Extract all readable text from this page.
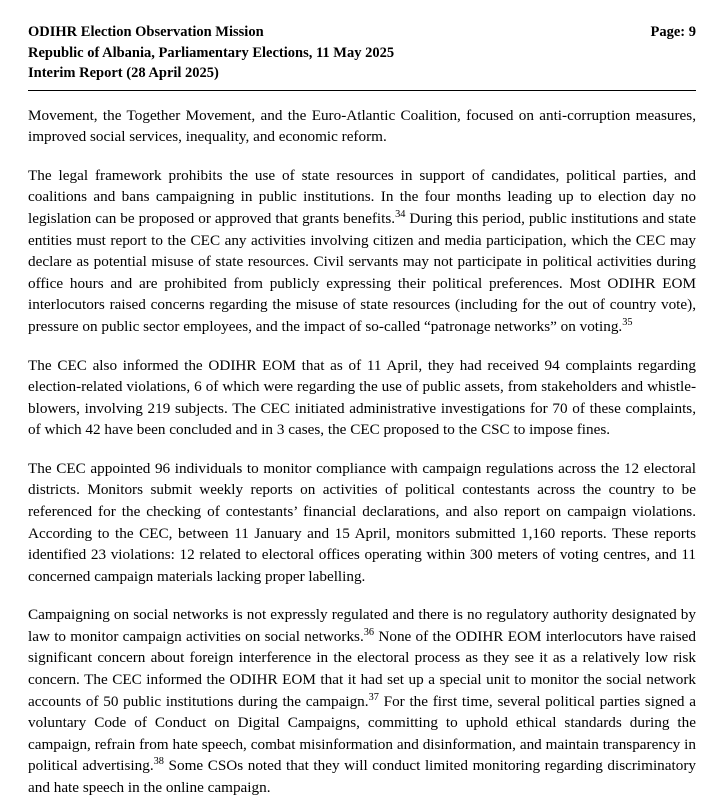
ODIHR Election Observation Mission
Republic of Albania, Parliamentary Elections, 11 May 2025
Interim Report (28 April 2025)
Page: 9

Movement, the Together Movement, and the Euro-Atlantic Coalition, focused on anti-corruption measures, improved social services, inequality, and economic reform.

The legal framework prohibits the use of state resources in support of candidates, political parties, and coalitions and bans campaigning in public institutions. In the four months leading up to election day no legislation can be proposed or approved that grants benefits.$^{34}$ During this period, public institutions and state entities must report to the CEC any activities involving citizen and media participation, which the CEC may declare as potential misuse of state resources. Civil servants may not participate in political activities during office hours and are prohibited from publicly expressing their political preferences. Most ODIHR EOM interlocutors raised concerns regarding the misuse of state resources (including for the out of country vote), pressure on public sector employees, and the impact of so-called “patronage networks” on voting.$^{35}$

The CEC also informed the ODIHR EOM that as of 11 April, they had received 94 complaints regarding election-related violations, 6 of which were regarding the use of public assets, from stakeholders and whistle-blowers, involving 219 subjects. The CEC initiated administrative investigations for 70 of these complaints, of which 42 have been concluded and in 3 cases, the CEC proposed to the CSC to impose fines.

The CEC appointed 96 individuals to monitor compliance with campaign regulations across the 12 electoral districts. Monitors submit weekly reports on activities of political contestants across the country to be referenced for the checking of contestants’ financial declarations, and also report on campaign violations. According to the CEC, between 11 January and 15 April, monitors submitted 1,160 reports. These reports identified 23 violations: 12 related to electoral offices operating within 300 meters of voting centres, and 11 concerned campaign materials lacking proper labelling.

Campaigning on social networks is not expressly regulated and there is no regulatory authority designated by law to monitor campaign activities on social networks.$^{36}$ None of the ODIHR EOM interlocutors have raised significant concern about foreign interference in the electoral process as they see it as a relatively low risk concern. The CEC informed the ODIHR EOM that it had set up a special unit to monitor the social network accounts of 50 public institutions during the campaign.$^{37}$ For the first time, several political parties signed a voluntary Code of Conduct on Digital Campaigns, committing to uphold ethical standards during the campaign, refrain from hate speech, combat misinformation and disinformation, and maintain transparency in political advertising.$^{38}$ Some CSOs noted that they will conduct limited monitoring regarding discriminatory and hate speech in the online campaign.
